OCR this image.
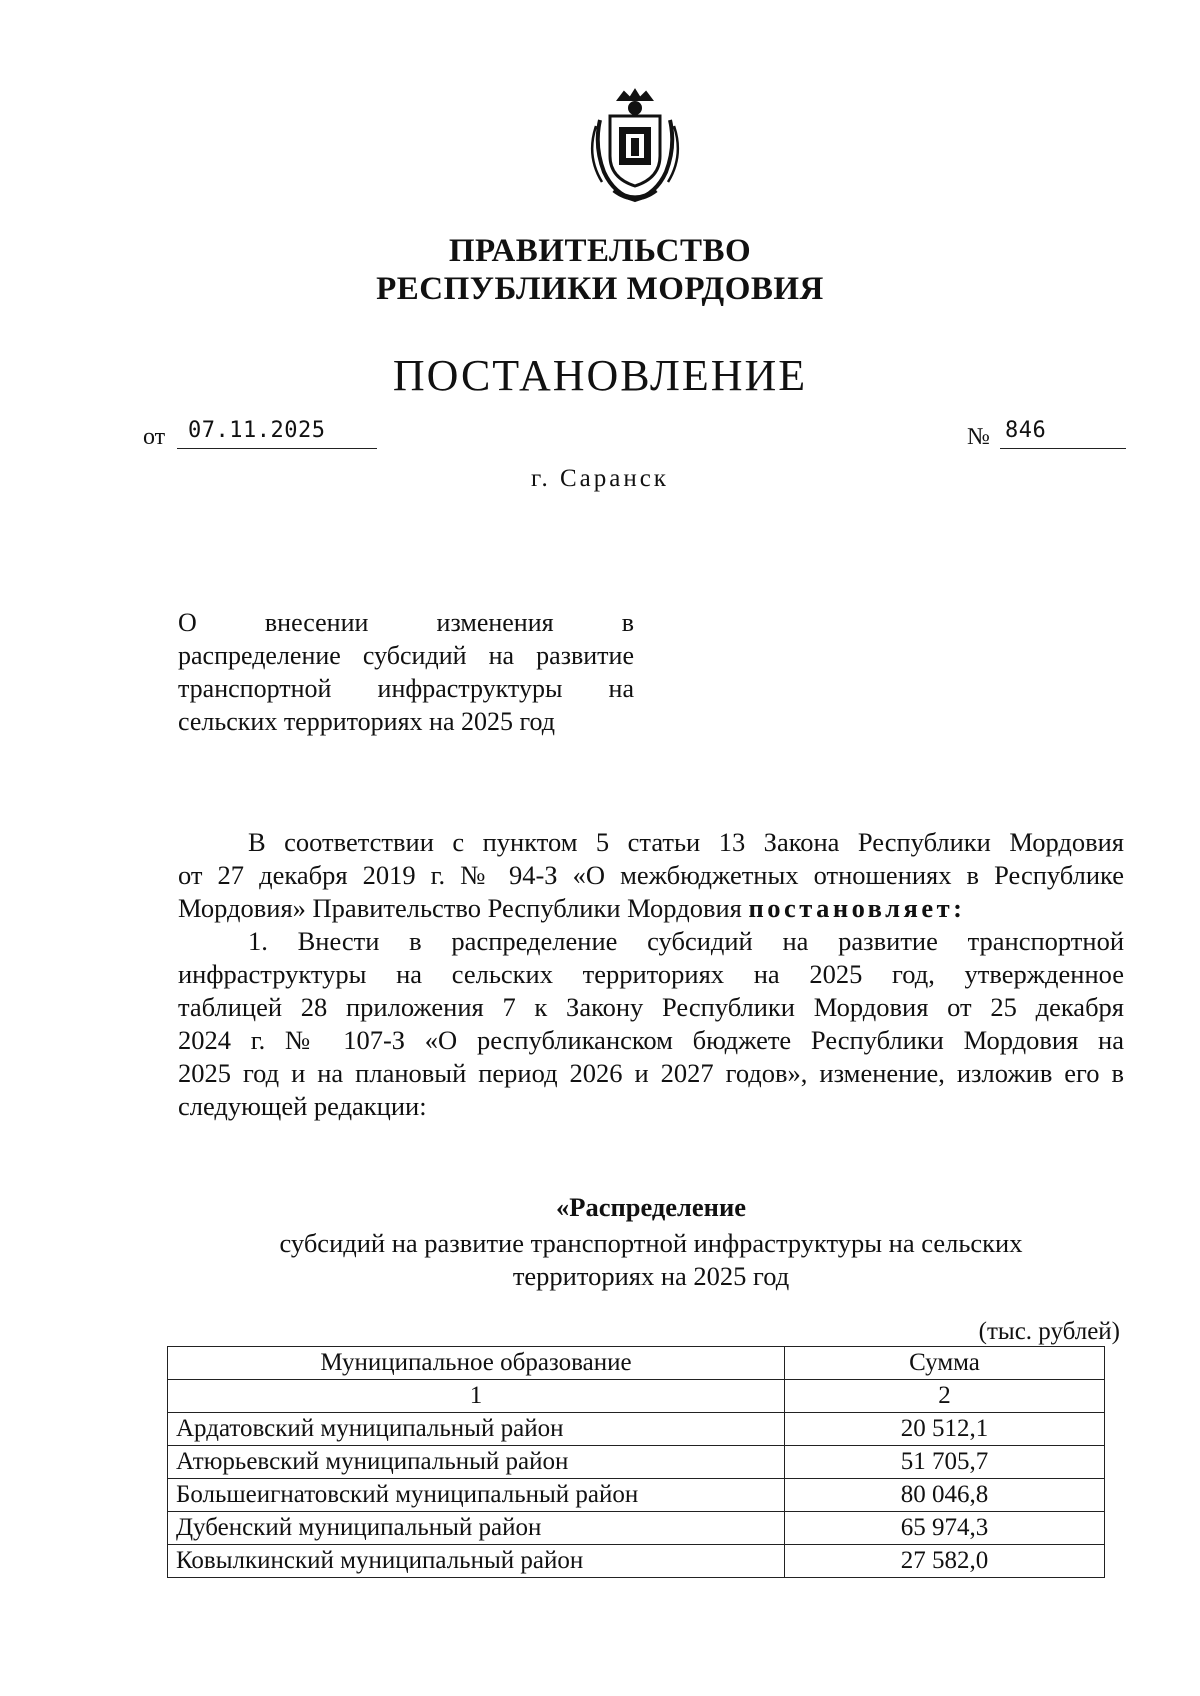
ПРАВИТЕЛЬСТВО
РЕСПУБЛИКИ МОРДОВИЯ
ПОСТАНОВЛЕНИЕ
от 07.11.2025	№ 846
г. Саранск
О внесении изменения в
распределение субсидий на развитие
транспортной инфраструктуры на
сельских территориях на 2025 год

В соответствии с пунктом 5 статьи 13 Закона Республики Мордовия
от 27 декабря 2019 г. № 94-З «О межбюджетных отношениях в Республике
Мордовия» Правительство Республики Мордовия постановляет:

1. Внести в распределение субсидий на развитие транспортной
инфраструктуры на сельских территориях на 2025 год, утвержденное
таблицей 28 приложения 7 к Закону Республики Мордовия от 25 декабря
2024 г. № 107-З «О республиканском бюджете Республики Мордовия на
2025 год и на плановый период 2026 и 2027 годов», изменение, изложив его в
следующей редакции:

«Распределение
субсидий на развитие транспортной инфраструктуры на сельских
территориях на 2025 год
(тыс. рублей)
Муниципальное образование	Сумма
1	2
Ардатовский муниципальный район	20 512,1
Атюрьевский муниципальный район	51 705,7
Большеигнатовский муниципальный район	80 046,8
Дубенский муниципальный район	65 974,3
Ковылкинский муниципальный район	27 582,0
